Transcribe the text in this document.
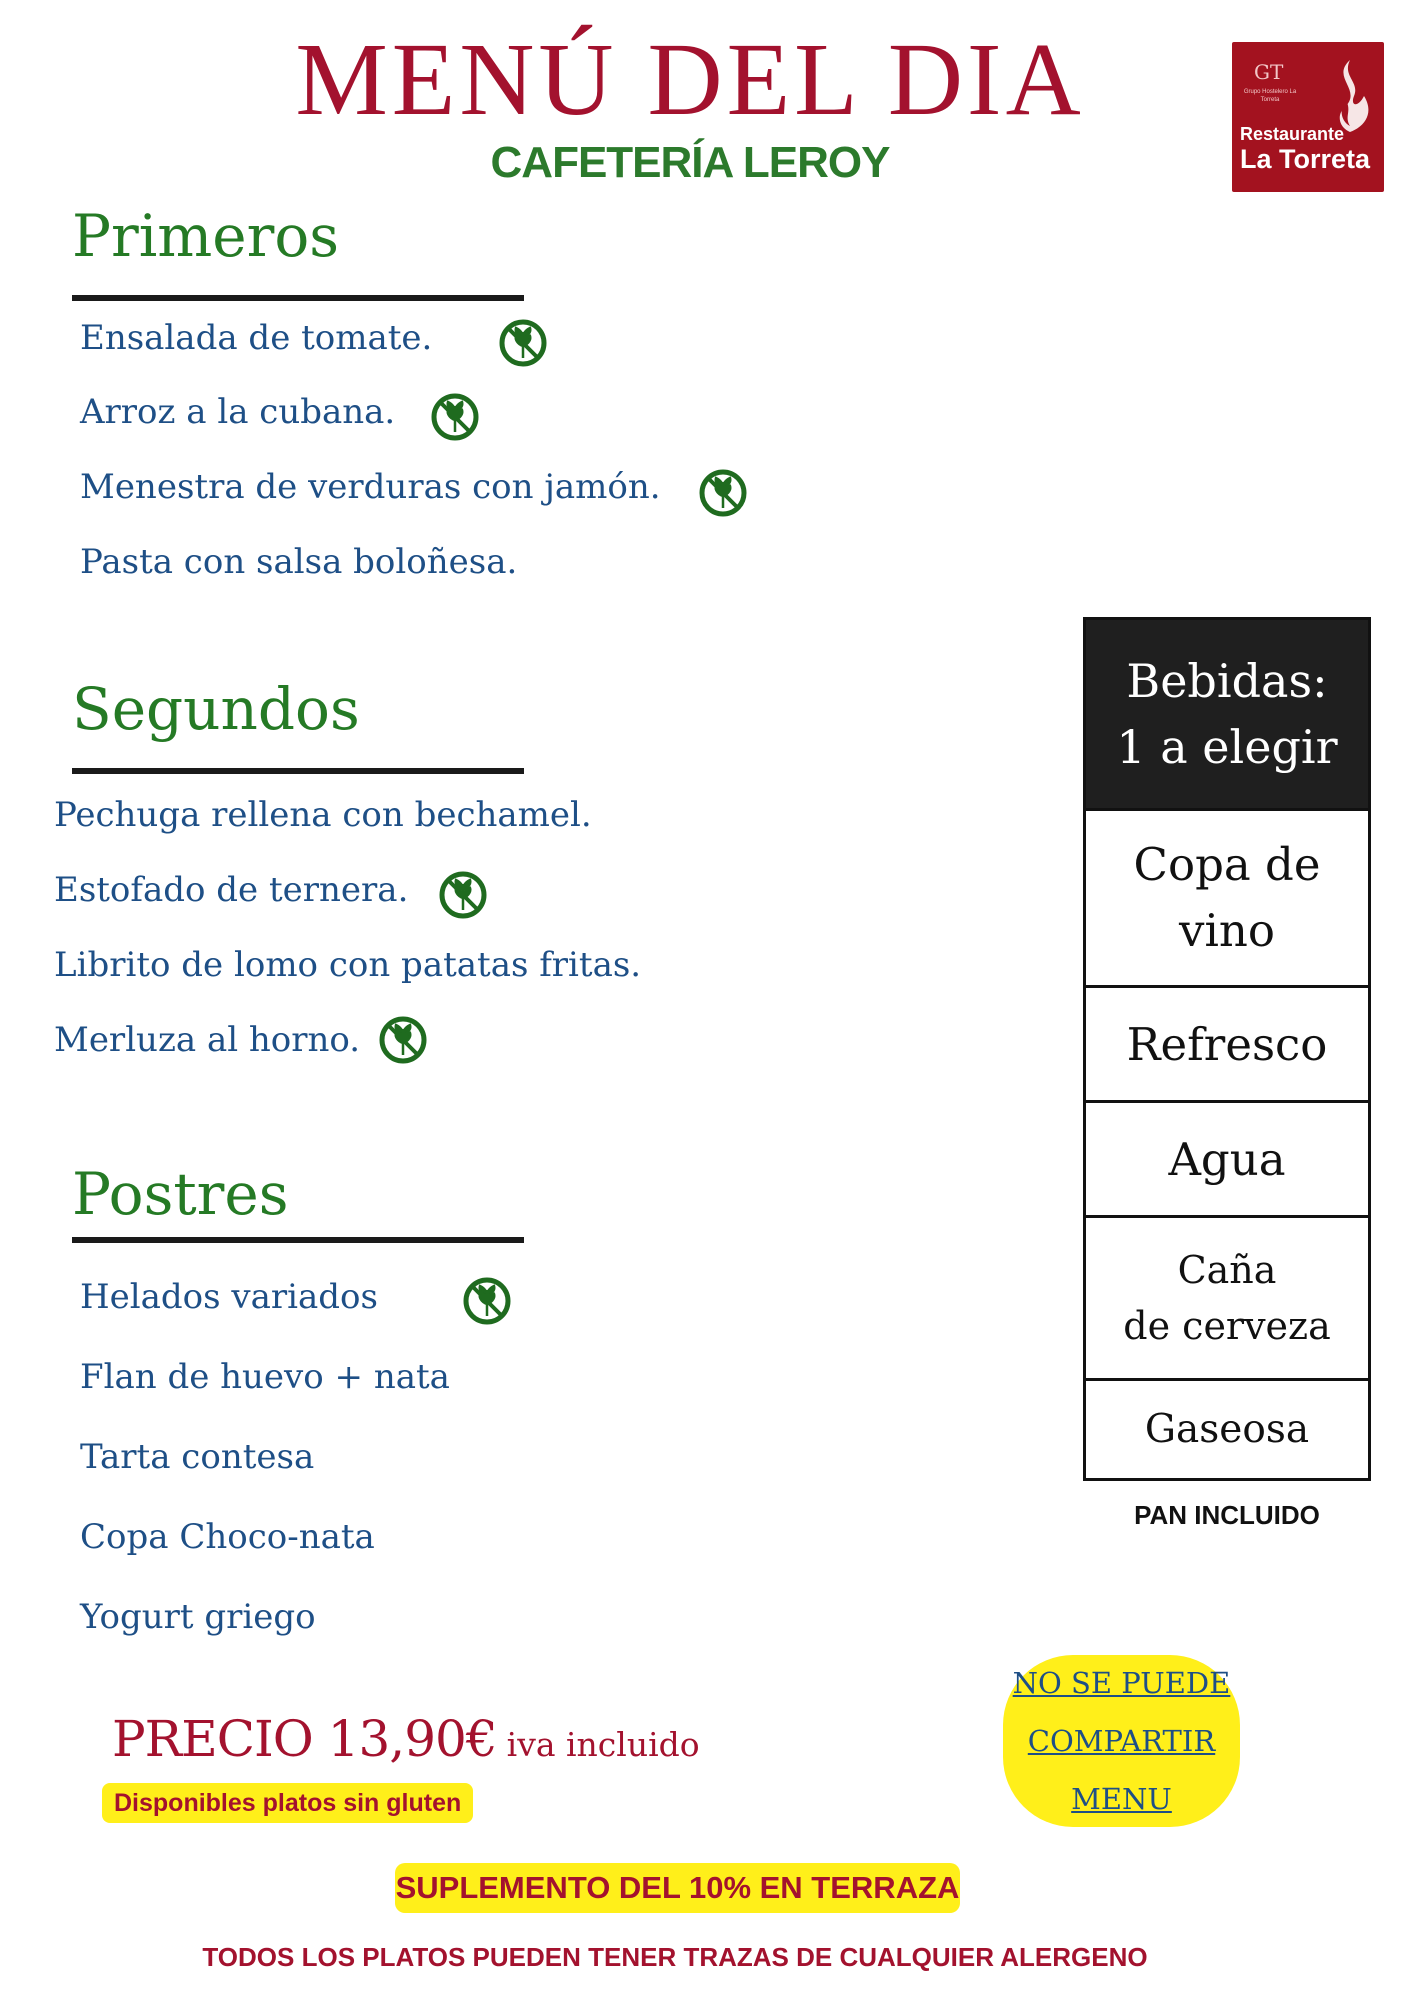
MENÚ DEL DIA
CAFETERÍA LEROY
GT
Grupo Hostelero La Torreta
Restaurante
La Torreta
Primeros
Ensalada de tomate.
Arroz a la cubana.
Menestra de verduras con jamón.
Pasta con salsa boloñesa.
Segundos
Pechuga rellena con bechamel.
Estofado de ternera.
Librito de lomo con patatas fritas.
Merluza al horno.
Postres
Helados variados
Flan de huevo + nata
Tarta contesa
Copa Choco-nata
Yogurt griego
Bebidas:
1 a elegir
Copa de
vino
Refresco
Agua
Caña
de cerveza
Gaseosa
PAN INCLUIDO
PRECIO 13,90€ iva incluido
Disponibles platos sin gluten
NO SE PUEDE
COMPARTIR
MENU
SUPLEMENTO DEL 10% EN TERRAZA
TODOS LOS PLATOS PUEDEN TENER TRAZAS DE CUALQUIER ALERGENO
